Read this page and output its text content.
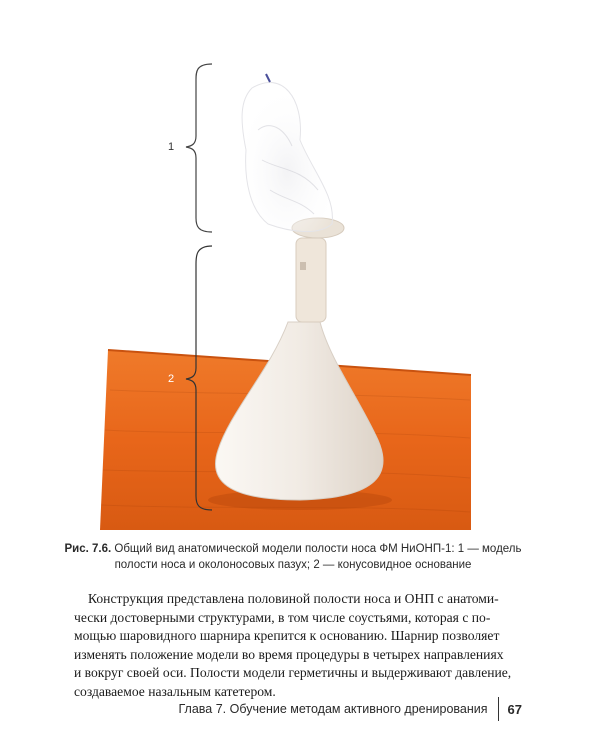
1
2
Рис. 7.6. Общий вид анатомической модели полости носа ФМ НиОНП-1: 1 — модель
полости носа и околоносовых пазух; 2 — конусовидное основание
Конструкция представлена половиной полости носа и ОНП с анатоми-
чески достоверными структурами, в том числе соустьями, которая с по-
мощью шаровидного шарнира крепится к основанию. Шарнир позволяет
изменять положение модели во время процедуры в четырех направлениях
и вокруг своей оси. Полости модели герметичны и выдерживают давление,
создаваемое назальным катетером.
Глава 7. Обучение методам активного дренирования 67
